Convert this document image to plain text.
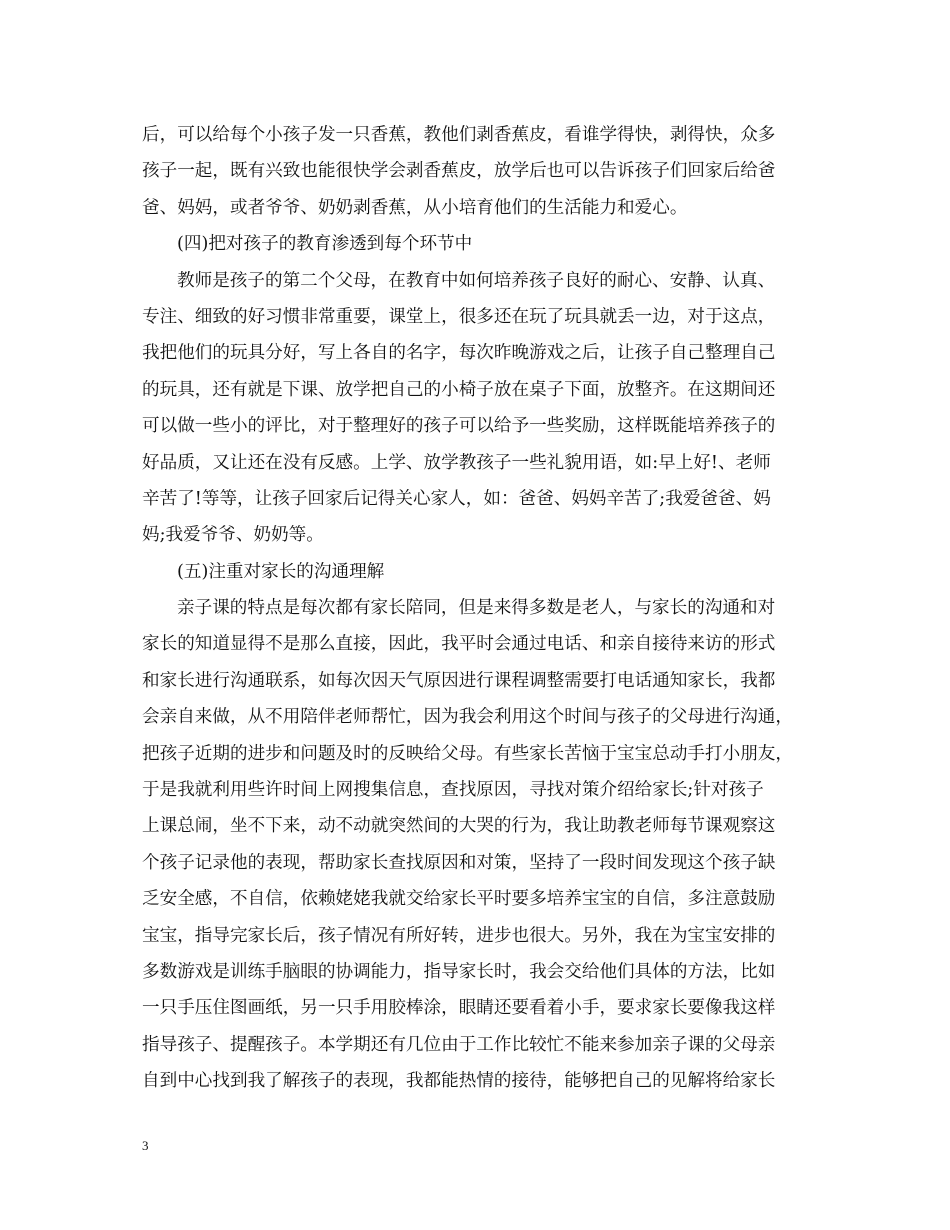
后，可以给每个小孩子发一只香蕉，教他们剥香蕉皮，看谁学得快，剥得快，众多
孩子一起，既有兴致也能很快学会剥香蕉皮，放学后也可以告诉孩子们回家后给爸
爸、妈妈，或者爷爷、奶奶剥香蕉，从小培育他们的生活能力和爱心。
(四)把对孩子的教育渗透到每个环节中
教师是孩子的第二个父母，在教育中如何培养孩子良好的耐心、安静、认真、
专注、细致的好习惯非常重要，课堂上，很多还在玩了玩具就丢一边，对于这点，
我把他们的玩具分好，写上各自的名字，每次昨晚游戏之后，让孩子自己整理自己
的玩具，还有就是下课、放学把自己的小椅子放在桌子下面，放整齐。在这期间还
可以做一些小的评比，对于整理好的孩子可以给予一些奖励，这样既能培养孩子的
好品质，又让还在没有反感。上学、放学教孩子一些礼貌用语，如:早上好!、老师
辛苦了!等等，让孩子回家后记得关心家人，如：爸爸、妈妈辛苦了;我爱爸爸、妈
妈;我爱爷爷、奶奶等。
(五)注重对家长的沟通理解
亲子课的特点是每次都有家长陪同，但是来得多数是老人，与家长的沟通和对
家长的知道显得不是那么直接，因此，我平时会通过电话、和亲自接待来访的形式
和家长进行沟通联系，如每次因天气原因进行课程调整需要打电话通知家长，我都
会亲自来做，从不用陪伴老师帮忙，因为我会利用这个时间与孩子的父母进行沟通，
把孩子近期的进步和问题及时的反映给父母。有些家长苦恼于宝宝总动手打小朋友，
于是我就利用些许时间上网搜集信息，查找原因，寻找对策介绍给家长;针对孩子
上课总闹，坐不下来，动不动就突然间的大哭的行为，我让助教老师每节课观察这
个孩子记录他的表现，帮助家长查找原因和对策，坚持了一段时间发现这个孩子缺
乏安全感，不自信，依赖姥姥我就交给家长平时要多培养宝宝的自信，多注意鼓励
宝宝，指导完家长后，孩子情况有所好转，进步也很大。另外，我在为宝宝安排的
多数游戏是训练手脑眼的协调能力，指导家长时，我会交给他们具体的方法，比如
一只手压住图画纸，另一只手用胶棒涂，眼睛还要看着小手，要求家长要像我这样
指导孩子、提醒孩子。本学期还有几位由于工作比较忙不能来参加亲子课的父母亲
自到中心找到我了解孩子的表现，我都能热情的接待，能够把自己的见解将给家长
3
